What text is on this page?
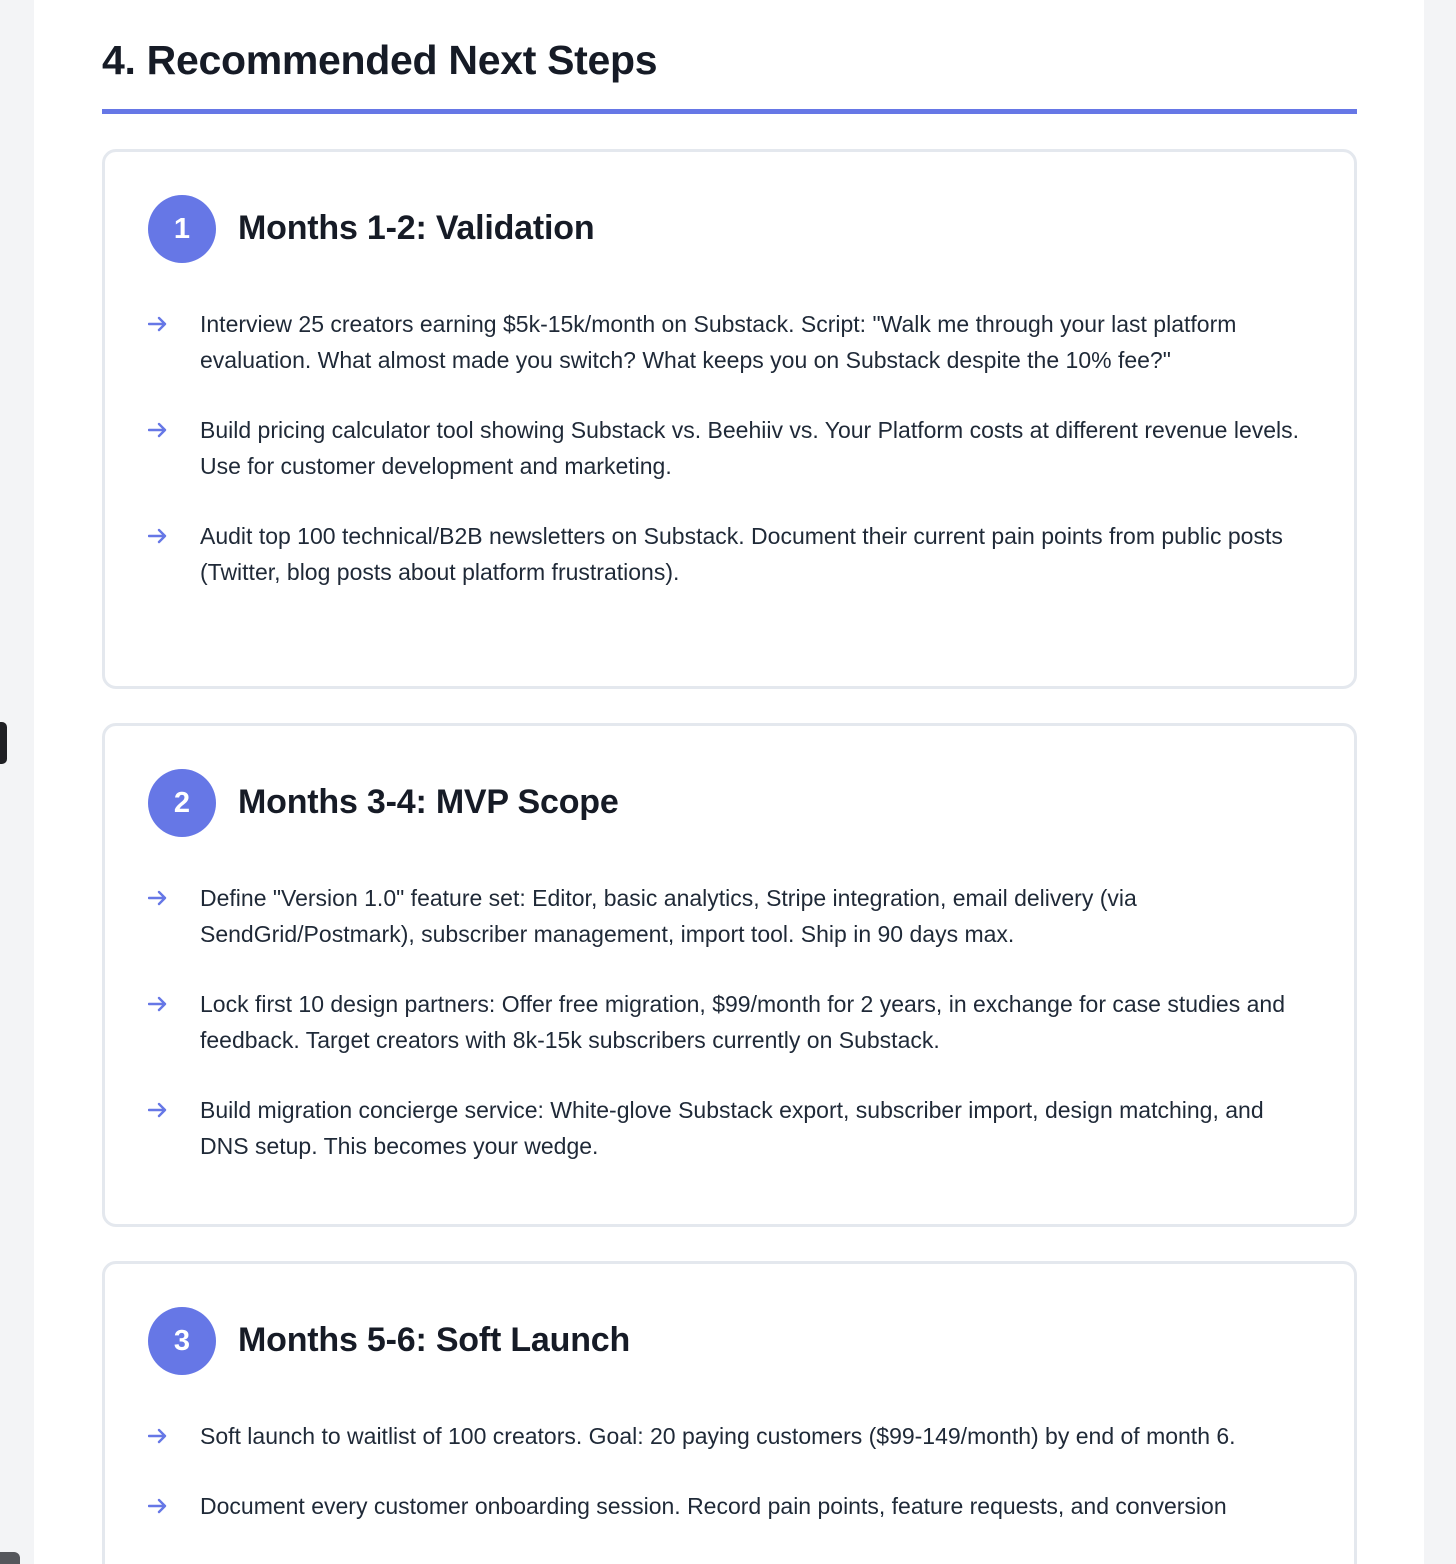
4. Recommended Next Steps
1	Months 1-2: Validation
Interview 25 creators earning $5k-15k/month on Substack. Script: "Walk me through your last platform evaluation. What almost made you switch? What keeps you on Substack despite the 10% fee?"
Build pricing calculator tool showing Substack vs. Beehiiv vs. Your Platform costs at different revenue levels. Use for customer development and marketing.
Audit top 100 technical/B2B newsletters on Substack. Document their current pain points from public posts (Twitter, blog posts about platform frustrations).
2	Months 3-4: MVP Scope
Define "Version 1.0" feature set: Editor, basic analytics, Stripe integration, email delivery (via SendGrid/Postmark), subscriber management, import tool. Ship in 90 days max.
Lock first 10 design partners: Offer free migration, $99/month for 2 years, in exchange for case studies and feedback. Target creators with 8k-15k subscribers currently on Substack.
Build migration concierge service: White-glove Substack export, subscriber import, design matching, and DNS setup. This becomes your wedge.
3	Months 5-6: Soft Launch
Soft launch to waitlist of 100 creators. Goal: 20 paying customers ($99-149/month) by end of month 6.
Document every customer onboarding session. Record pain points, feature requests, and conversion
